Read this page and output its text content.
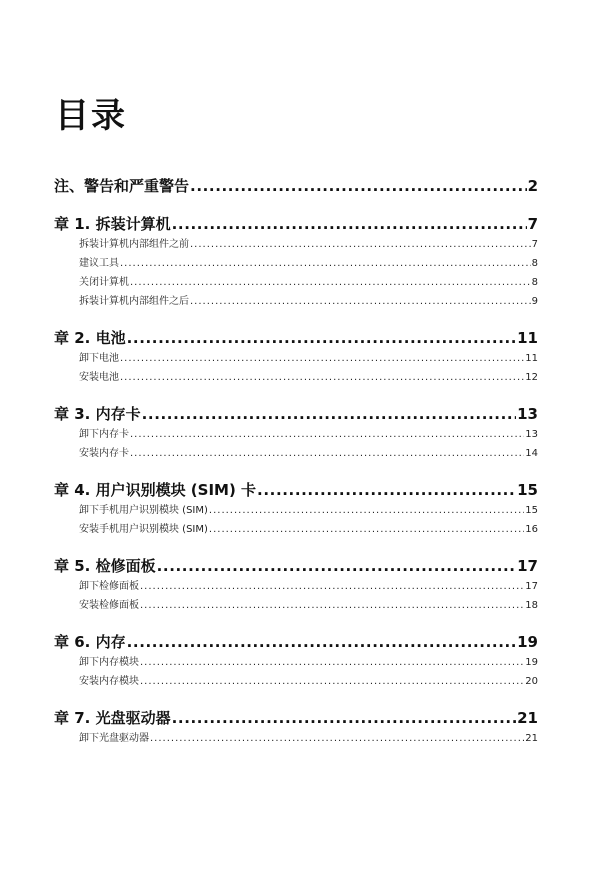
目录
注、警告和严重警告 .....	2
章 1. 拆装计算机 .....	7
拆装计算机内部组件之前 .....	7
建议工具 .....	8
关闭计算机 .....	8
拆装计算机内部组件之后 .....	9
章 2. 电池 .....	11
卸下电池 .....	11
安装电池 .....	12
章 3. 内存卡 .....	13
卸下内存卡 .....	13
安装内存卡 .....	14
章 4. 用户识别模块 (SIM) 卡 .....	15
卸下手机用户识别模块 (SIM) .....	15
安装手机用户识别模块 (SIM) .....	16
章 5. 检修面板 .....	17
卸下检修面板 .....	17
安装检修面板 .....	18
章 6. 内存 .....	19
卸下内存模块 .....	19
安装内存模块 .....	20
章 7. 光盘驱动器 .....	21
卸下光盘驱动器 .....	21
